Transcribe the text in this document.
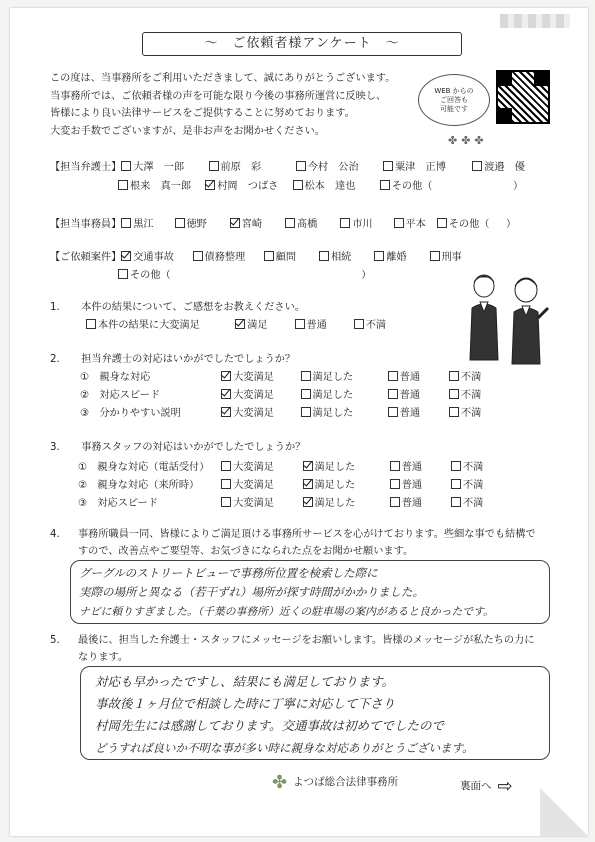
～　ご依頼者様アンケート　～
この度は、当事務所をご利用いただきまして、誠にありがとうございます。
当事務所では、ご依頼者様の声を可能な限り今後の事務所運営に反映し、
皆様により良い法律サービスをご提供することに努めております。
大変お手数でございますが、是非お声をお聞かせください。
WEB からの
ご回答も
可能です
✤✤✤
【担当弁護士】 大澤　一郎	前原　彩	今村　公治	粟津　正博	渡邉　優
根来　真一郎	村岡　つばさ	松本　達也	その他（	）
【担当事務員】 黒江	徳野	宮崎	髙橋	市川	平本 その他（ ）
【ご依頼案件】 交通事故	債務整理	顧問	相続	離婚	刑事
その他（	）
1. 本件の結果について、ご感想をお教えください。
本件の結果に大変満足	満足	普通	不満
2. 担当弁護士の対応はいかがでしたでしょうか？
①　親身な対応	大変満足	満足した	普通	不満
②　対応スピード	大変満足	満足した	普通	不満
③　分かりやすい説明	大変満足	満足した	普通	不満
3. 事務スタッフの対応はいかがでしたでしょうか？
①　親身な対応（電話受付） 大変満足	満足した	普通	不満
②　親身な対応（来所時）	大変満足	満足した	普通	不満
③　対応スピード	大変満足	満足した	普通	不満
4. 事務所職員一同、皆様によりご満足頂ける事務所サービスを心がけております。些細な事でも結構で
すので、改善点やご要望等、お気づきになられた点をお聞かせ願います。
グーグルのストリートビューで事務所位置を検索した際に
実際の場所と異なる（若干ずれ）場所が探す時間がかかりました。
ナビに頼りすぎました。（千葉の事務所）近くの駐車場の案内があると良かったです。
5. 最後に、担当した弁護士・スタッフにメッセージをお願いします。皆様のメッセージが私たちの力に
なります。
対応も早かったですし、結果にも満足しております。
事故後１ヶ月位で相談した時に丁寧に対応して下さり
村岡先生には感謝しております。交通事故は初めてでしたので
どうすれば良いか不明な事が多い時に親身な対応ありがとうございます。
✤ よつば総合法律事務所	裏面へ ⇨
